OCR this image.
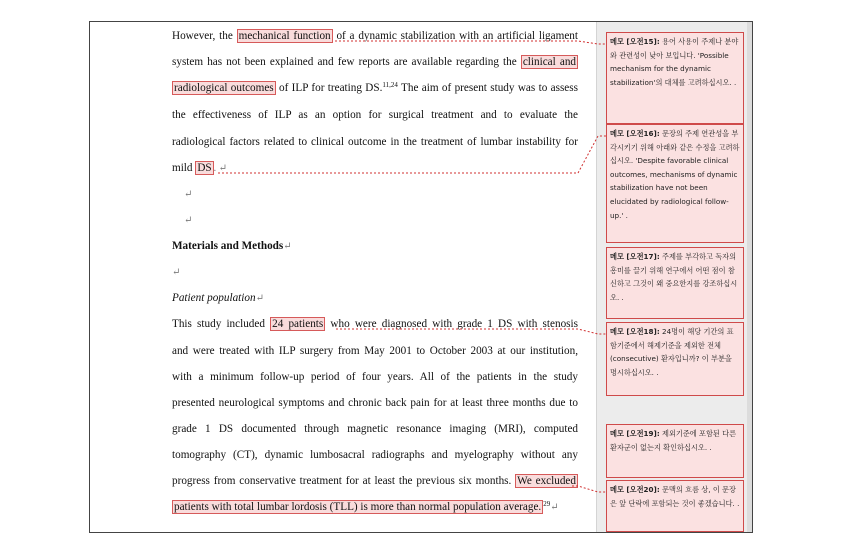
However, the mechanical function of a dynamic stabilization with an artificial ligament
system has not been explained and few reports are available regarding the clinical and
radiological outcomes of ILP for treating DS.$^{11,24}$ The aim of present study was to assess
the effectiveness of ILP as an option for surgical treatment and to evaluate the
radiological factors related to clinical outcome in the treatment of lumbar instability for
mild DS . ↵
↵
↵
Materials and Methods↵
↵
Patient population↵
This study included 24 patients who were diagnosed with grade 1 DS with stenosis
and were treated with ILP surgery from May 2001 to October 2003 at our institution,
with a minimum follow-up period of four years. All of the patients in the study
presented neurological symptoms and chronic back pain for at least three months due to
grade 1 DS documented through magnetic resonance imaging (MRI), computed
tomography (CT), dynamic lumbosacral radiographs and myelography without any
progress from conservative treatment for at least the previous six months. We excluded
patients with total lumbar lordosis (TLL) is more than normal population average. $^{29}$↵
메모 [오전15]: 용어 사용이 주제나 분야와 관련성이 낮아 보입니다. 'Possible mechanism for the dynamic stabilization'의 대체를 고려하십시오. .
메모 [오전16]: 문장의 주제 연관성을 부각시키기 위해 아래와 같은 수정을 고려하십시오. 'Despite favorable clinical outcomes, mechanisms of dynamic stabilization have not been elucidated by radiological follow-up.' .
메모 [오전17]: 주제를 부각하고 독자의 흥미를 끌기 위해 연구에서 어떤 점이 참신하고 그것이 왜 중요한지를 강조하십시오. .
메모 [오전18]: 24명이 해당 기간의 표함기준에서 해제기준을 제외한 전체 (consecutive) 환자입니까? 이 부분을 명시하십시오. .
메모 [오전19]: 제외기준에 포함된 다른 환자군이 없는지 확인하십시오. .
메모 [오전20]: 문맥의 흐름 상, 이 문장은 앞 단락에 포함되는 것이 좋겠습니다. .
